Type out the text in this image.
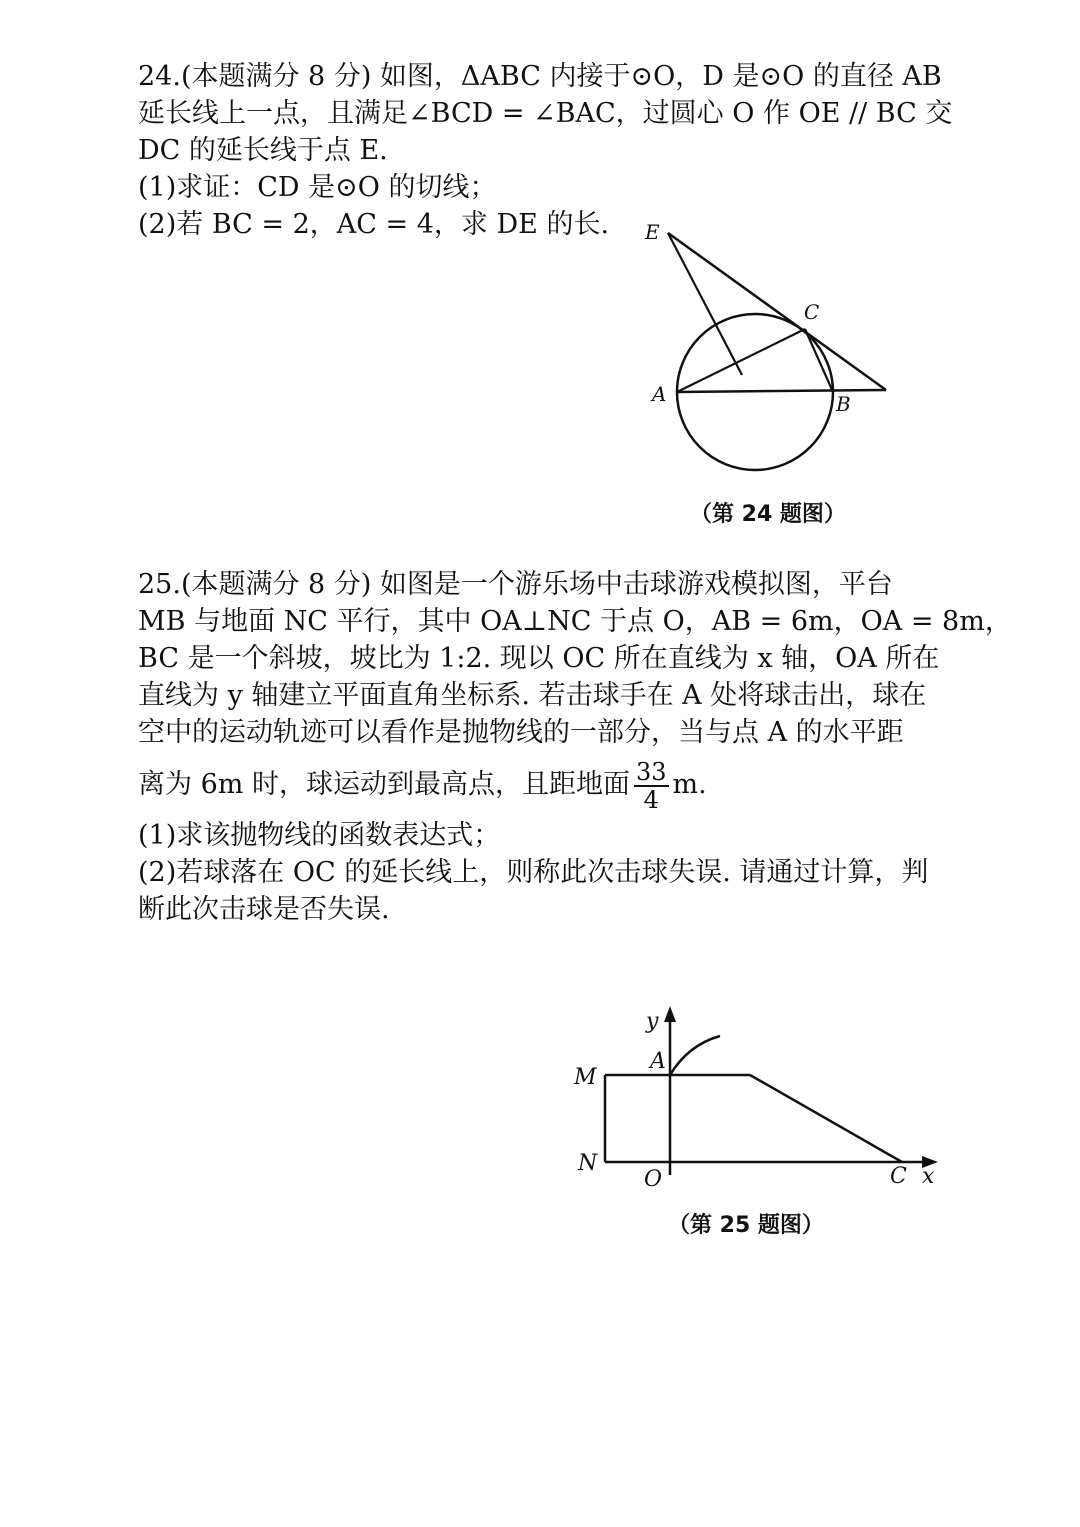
24.(本题满分 8 分) 如图，ΔABC 内接于⊙O，D 是⊙O 的直径 AB
延长线上一点，且满足∠BCD = ∠BAC，过圆心 O 作 OE // BC 交
DC 的延长线于点 E.
(1)求证：CD 是⊙O 的切线；
(2)若 BC = 2，AC = 4，求 DE 的长.	E
C
A	B
（第 24 题图）
25.(本题满分 8 分) 如图是一个游乐场中击球游戏模拟图，平台
MB 与地面 NC 平行，其中 OA⊥NC 于点 O，AB = 6m，OA = 8m，
BC 是一个斜坡，坡比为 1:2. 现以 OC 所在直线为 x 轴，OA 所在
直线为 y 轴建立平面直角坐标系. 若击球手在 A 处将球击出，球在
空中的运动轨迹可以看作是抛物线的一部分，当与点 A 的水平距
离为 6m 时，球运动到最高点，且距地面 $\frac{33}{4} m$.
(1)求该抛物线的函数表达式；
(2)若球落在 OC 的延长线上，则称此次击球失误. 请通过计算，判
断此次击球是否失误.
y
A
M
N
O	C x
（第 25 题图）
